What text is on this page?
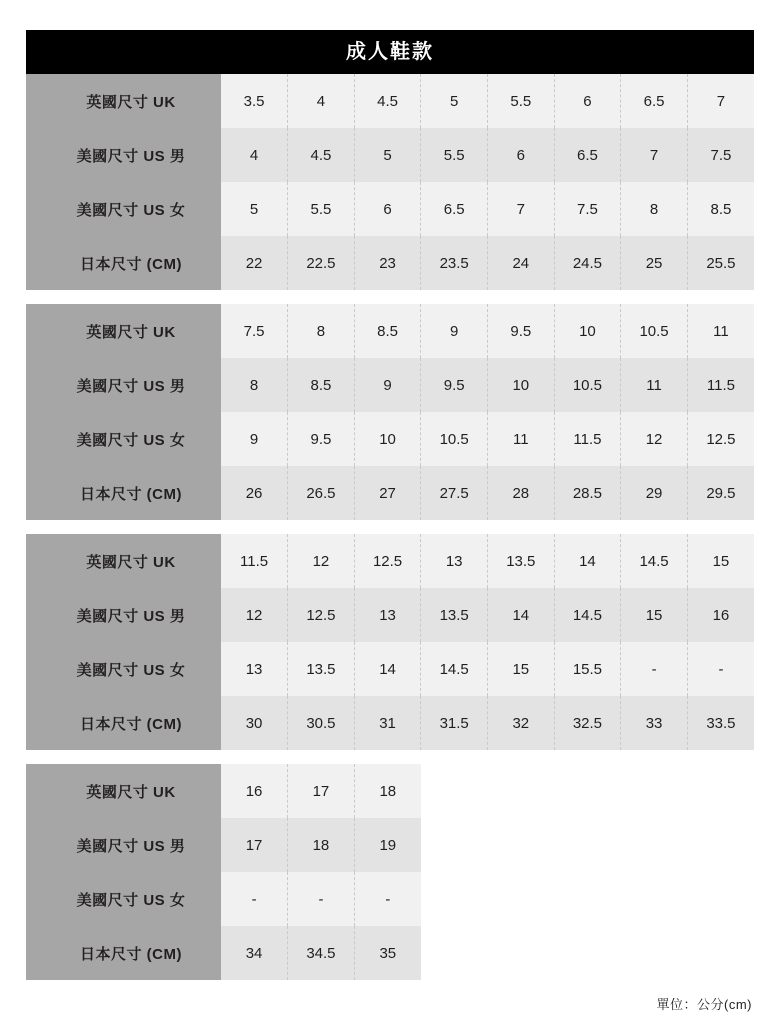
成人鞋款
英國尺寸 UK	3.5	4	4.5	5	5.5	6	6.5	7
美國尺寸 US 男	4	4.5	5	5.5	6	6.5	7	7.5
美國尺寸 US 女	5	5.5	6	6.5	7	7.5	8	8.5
日本尺寸 (CM)	22	22.5	23	23.5	24	24.5	25	25.5
英國尺寸 UK	7.5	8	8.5	9	9.5	10	10.5	11
美國尺寸 US 男	8	8.5	9	9.5	10	10.5	11	11.5
美國尺寸 US 女	9	9.5	10	10.5	11	11.5	12	12.5
日本尺寸 (CM)	26	26.5	27	27.5	28	28.5	29	29.5
英國尺寸 UK	11.5	12	12.5	13	13.5	14	14.5	15
美國尺寸 US 男	12	12.5	13	13.5	14	14.5	15	16
美國尺寸 US 女	13	13.5	14	14.5	15	15.5	-	-
日本尺寸 (CM)	30	30.5	31	31.5	32	32.5	33	33.5
英國尺寸 UK	16	17	18					
美國尺寸 US 男	17	18	19					
美國尺寸 US 女	-	-	-					
日本尺寸 (CM)	34	34.5	35					
單位：公分(cm)
